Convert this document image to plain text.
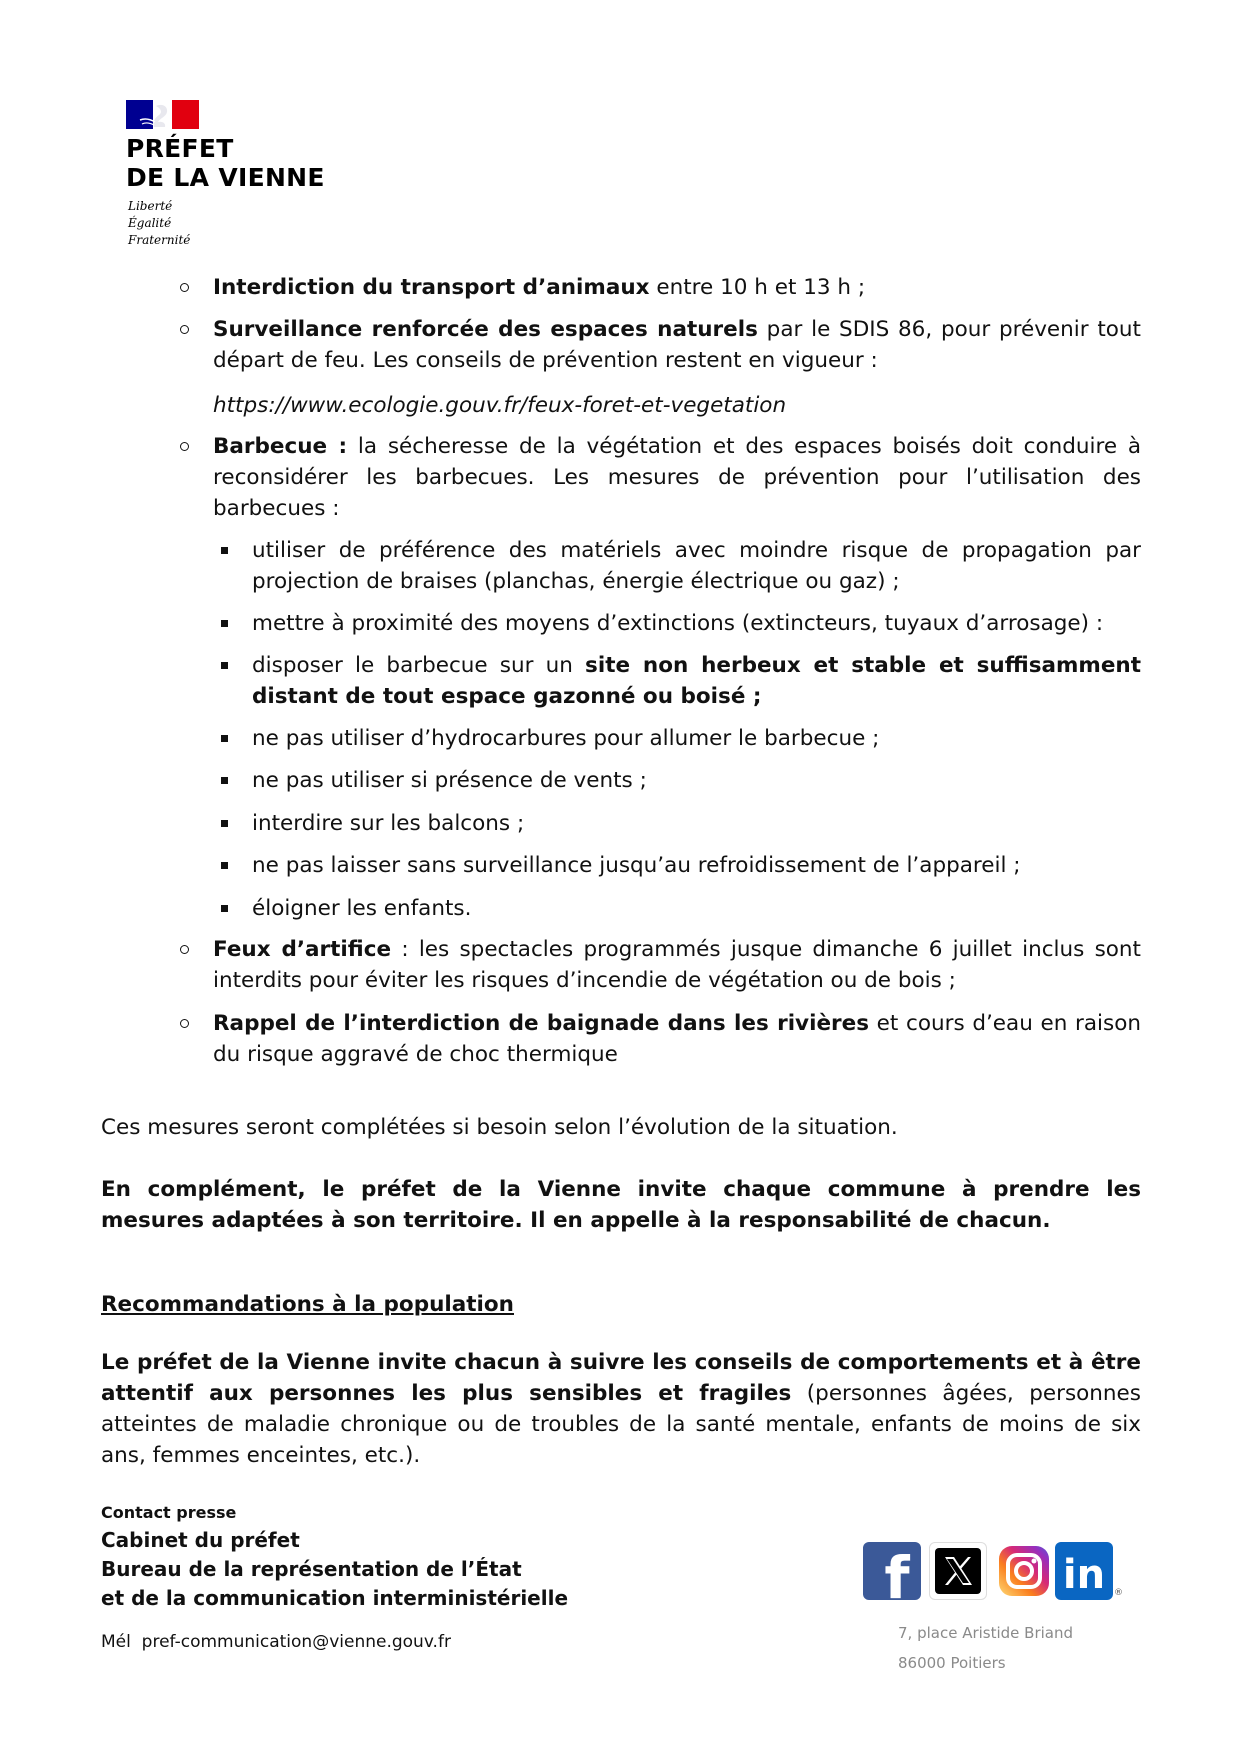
PRÉFET
DE LA VIENNE
Liberté
Égalité
Fraternité
Interdiction du transport d’animaux entre 10 h et 13 h ;
Surveillance renforcée des espaces naturels par le SDIS 86, pour prévenir tout départ de feu. Les conseils de prévention restent en vigueur :
https://www.ecologie.gouv.fr/feux-foret-et-vegetation
Barbecue : la sécheresse de la végétation et des espaces boisés doit conduire à reconsidérer les barbecues. Les mesures de prévention pour l’utilisation des barbecues :
utiliser de préférence des matériels avec moindre risque de propagation par projection de braises (planchas, énergie électrique ou gaz) ;
mettre à proximité des moyens d’extinctions (extincteurs, tuyaux d’arrosage) :
disposer le barbecue sur un site non herbeux et stable et suffisamment distant de tout espace gazonné ou boisé ;
ne pas utiliser d’hydrocarbures pour allumer le barbecue ;
ne pas utiliser si présence de vents ;
interdire sur les balcons ;
ne pas laisser sans surveillance jusqu’au refroidissement de l’appareil ;
éloigner les enfants.
Feux d’artifice : les spectacles programmés jusque dimanche 6 juillet inclus sont interdits pour éviter les risques d’incendie de végétation ou de bois ;
Rappel de l’interdiction de baignade dans les rivières et cours d’eau en raison du risque aggravé de choc thermique
Ces mesures seront complétées si besoin selon l’évolution de la situation.
En complément, le préfet de la Vienne invite chaque commune à prendre les mesures adaptées à son territoire. Il en appelle à la responsabilité de chacun.
Recommandations à la population
Le préfet de la Vienne invite chacun à suivre les conseils de comportements et à être attentif aux personnes les plus sensibles et fragiles (personnes âgées, personnes atteintes de maladie chronique ou de troubles de la santé mentale, enfants de moins de six ans, femmes enceintes, etc.).
Contact presse
Cabinet du préfet
Bureau de la représentation de l’État
et de la communication interministérielle
Mél pref-communication@vienne.gouv.fr
f	in ®
7, place Aristide Briand
86000 Poitiers
